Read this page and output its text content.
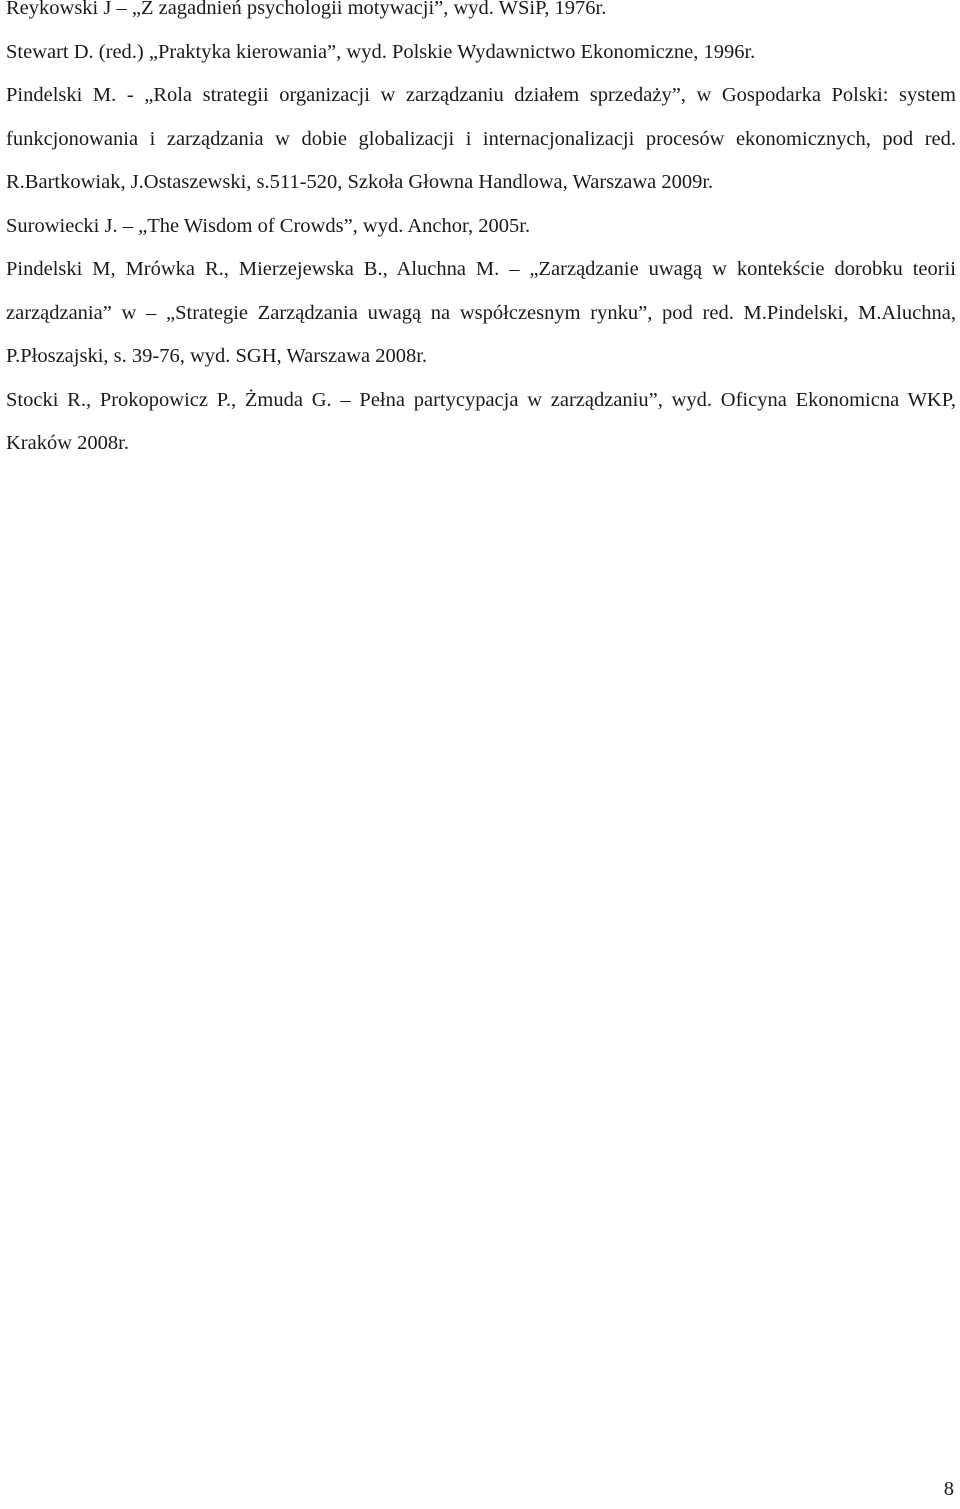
Reykowski J – „Z zagadnień psychologii motywacji”, wyd. WSiP, 1976r.

Stewart D. (red.) „Praktyka kierowania”, wyd. Polskie Wydawnictwo Ekonomiczne, 1996r.

Pindelski M. - „Rola strategii organizacji w zarządzaniu działem sprzedaży”, w Gospodarka Polski: system funkcjonowania i zarządzania w dobie globalizacji i internacjonalizacji procesów ekonomicznych, pod red. R.Bartkowiak, J.Ostaszewski, s.511-520, Szkoła Głowna Handlowa, Warszawa 2009r.

Surowiecki J. – „The Wisdom of Crowds”, wyd. Anchor, 2005r.

Pindelski M, Mrówka R., Mierzejewska B., Aluchna M. – „Zarządzanie uwagą w kontekście dorobku teorii zarządzania” w – „Strategie Zarządzania uwagą na współczesnym rynku”, pod red. M.Pindelski, M.Aluchna, P.Płoszajski, s. 39-76, wyd. SGH, Warszawa 2008r.

Stocki R., Prokopowicz P., Żmuda G. – Pełna partycypacja w zarządzaniu”, wyd. Oficyna Ekonomicna WKP, Kraków 2008r.

8
